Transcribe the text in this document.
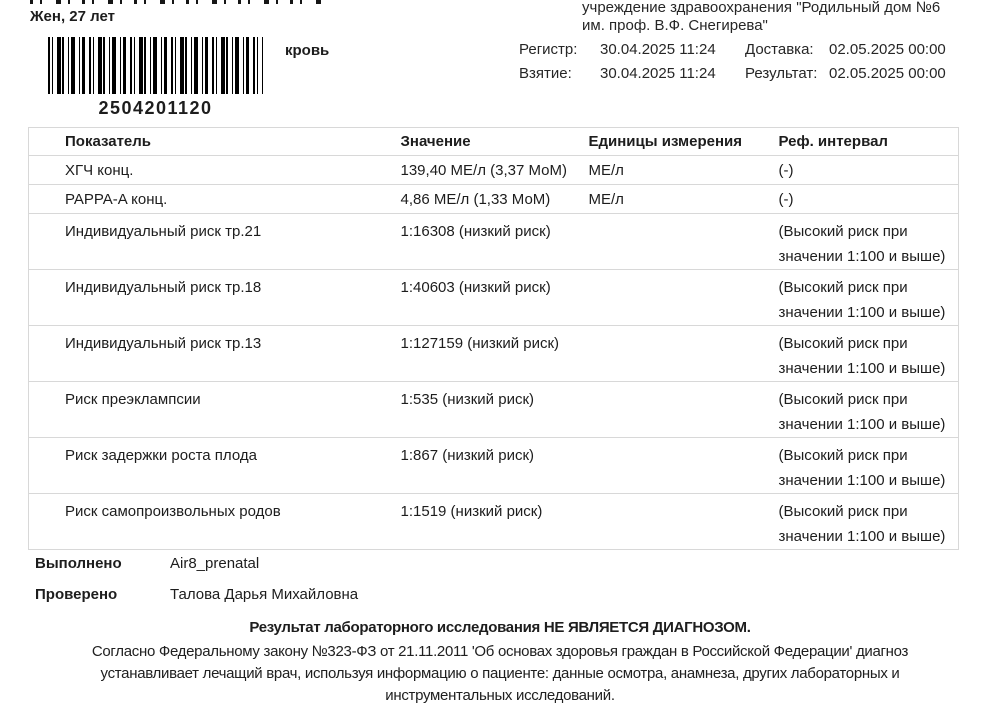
Жен, 27 лет
2504201120
кровь
учреждение здравоохранения "Родильный дом №6
им. проф. В.Ф. Снегирева"
Регистр:	30.04.2025 11:24	Доставка:	02.05.2025 00:00
Взятие:	30.04.2025 11:24	Результат: 02.05.2025 00:00
Показатель	Значение	Единицы измерения	Реф. интервал
ХГЧ конц.	139,40 МЕ/л (3,37 МоМ)	МЕ/л	(-)
PAPPA-A конц.	4,86 МЕ/л (1,33 МоМ)	МЕ/л	(-)
Индивидуальный риск тр.21	1:16308 (низкий риск)		(Высокий риск при значении 1:100 и выше)
Индивидуальный риск тр.18	1:40603 (низкий риск)		(Высокий риск при значении 1:100 и выше)
Индивидуальный риск тр.13	1:127159 (низкий риск)		(Высокий риск при значении 1:100 и выше)
Риск преэклампсии	1:535 (низкий риск)		(Высокий риск при значении 1:100 и выше)
Риск задержки роста плода	1:867 (низкий риск)		(Высокий риск при значении 1:100 и выше)
Риск самопроизвольных родов	1:1519 (низкий риск)		(Высокий риск при значении 1:100 и выше)
Выполнено	Air8_prenatal
Проверено	Талова Дарья Михайловна
Результат лабораторного исследования НЕ ЯВЛЯЕТСЯ ДИАГНОЗОМ.
Согласно Федеральному закону №323-ФЗ от 21.11.2011 'Об основах здоровья граждан в Российской Федерации' диагноз устанавливает лечащий врач, используя информацию о пациенте: данные осмотра, анамнеза, других лабораторных и инструментальных исследований.
